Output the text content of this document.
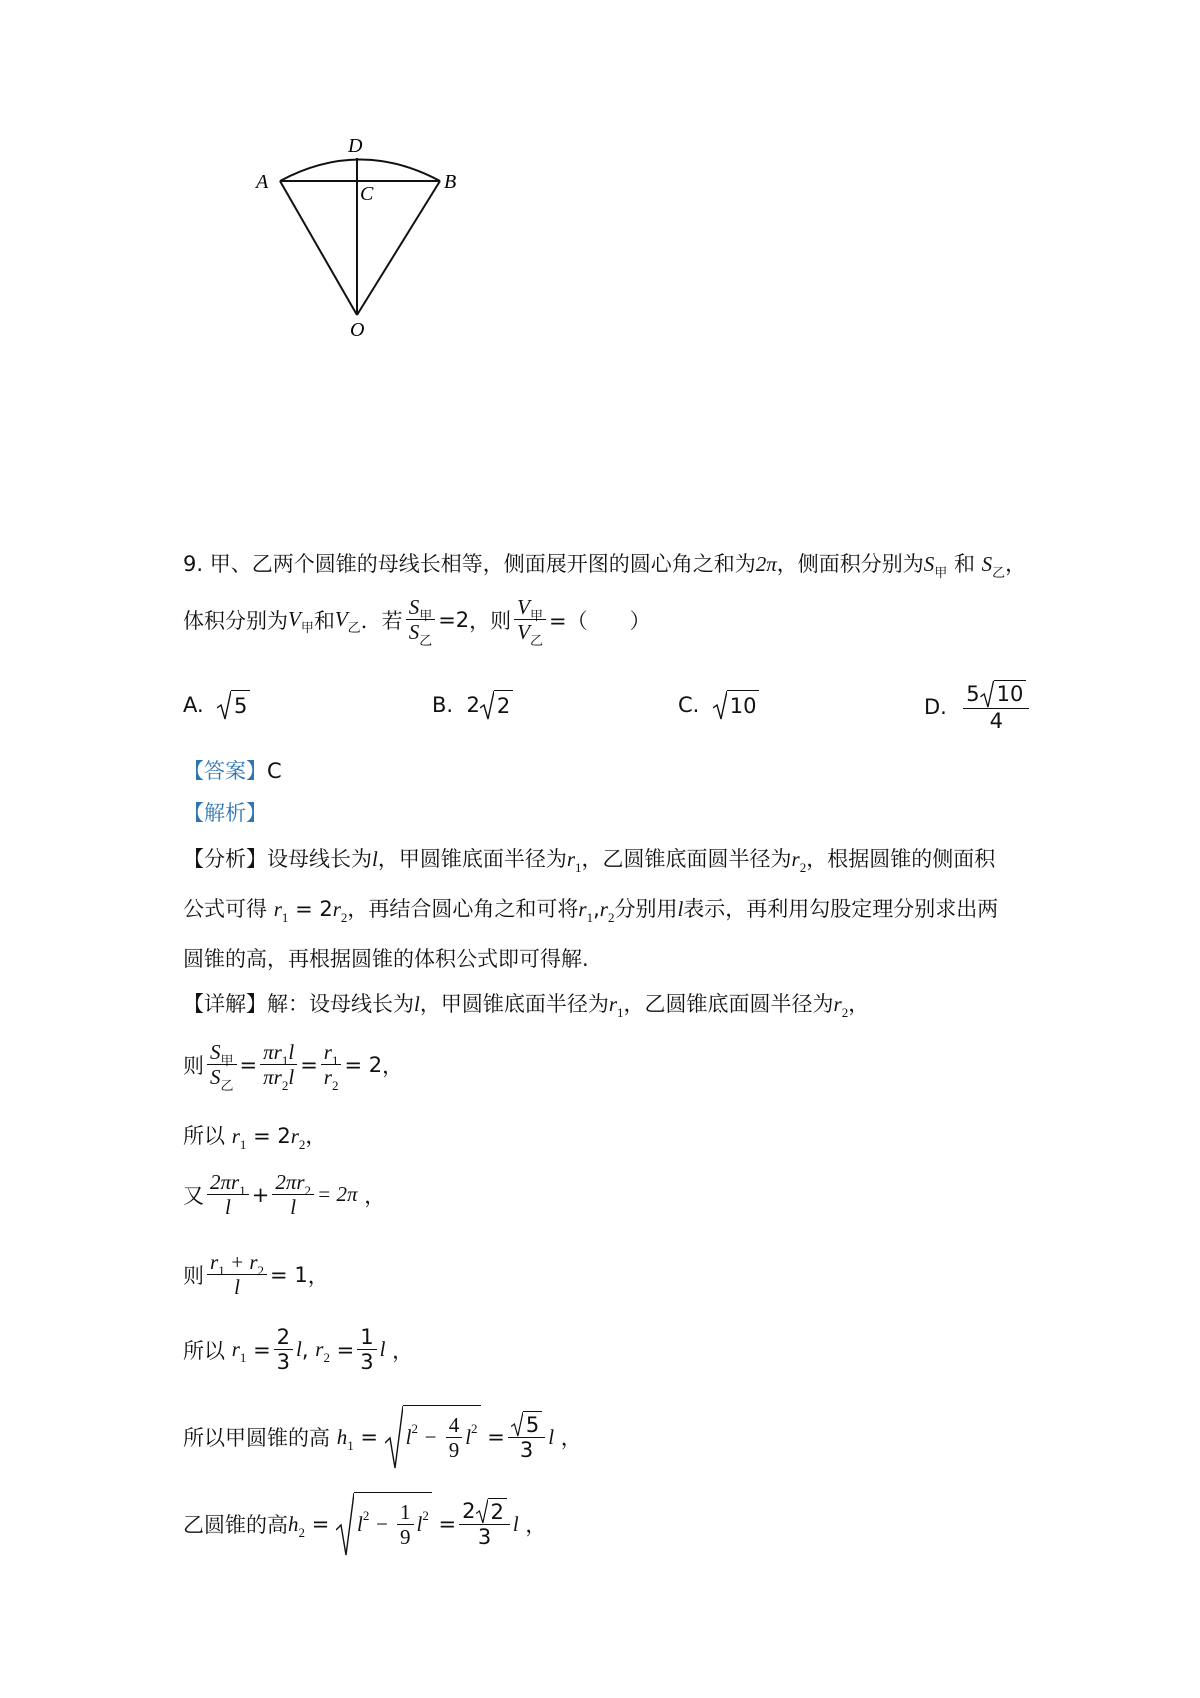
A	B
C
D
O
9. 甲、乙两个圆锥的母线长相等，侧面展开图的圆心角之和为2π，侧面积分别为$S_甲$ 和 $S_乙$，
体积分别为 $V_甲$ 和 $V_乙$ ．若 $\frac{S_甲}{S_乙} =2$ ，则 $\frac{V_甲}{V_乙}$ =（　　）
A.
5	B.
2 2	C.
10	D.
$\frac{5 10}{4}$
【答案】C
【解析】
【分析】设母线长为l，甲圆锥底面半径为$r_1$，乙圆锥底面圆半径为$r_2$，根据圆锥的侧面积
公式可得 $r_1 = 2r_2$，再结合圆心角之和可将$r_1,r_2$分别用l表示，再利用勾股定理分别求出两
圆锥的高，再根据圆锥的体积公式即可得解.
【详解】解：设母线长为l，甲圆锥底面半径为$r_1$，乙圆锥底面圆半径为$r_2$，
则 $\frac{S_甲}{S_乙} = \frac{\pi r_1l}{\pi r_2l} = \frac{r_1}{r_2} = 2$ ，
所以 $r_1 = 2r_2$，
又 $\frac{2\pi r_1}{l} + \frac{2\pi r_2}{l} = 2\pi$
，
则 $\frac{r_1 + r_2}{l} = 1$ ，
所以
$r_1$
= $\frac{2}{3}$ l , $r_2$
= $\frac{1}{3}$ l
，
所以甲圆锥的高
$h_1$
=
l 2
−
$\frac{4}{9}$ l 2
= $\frac{5}{3}$ l
，
乙圆锥的高 $h_2$
=
l 2
−
$\frac{1}{9}$ l 2
= $\frac{2 2}{3}$ l
，
